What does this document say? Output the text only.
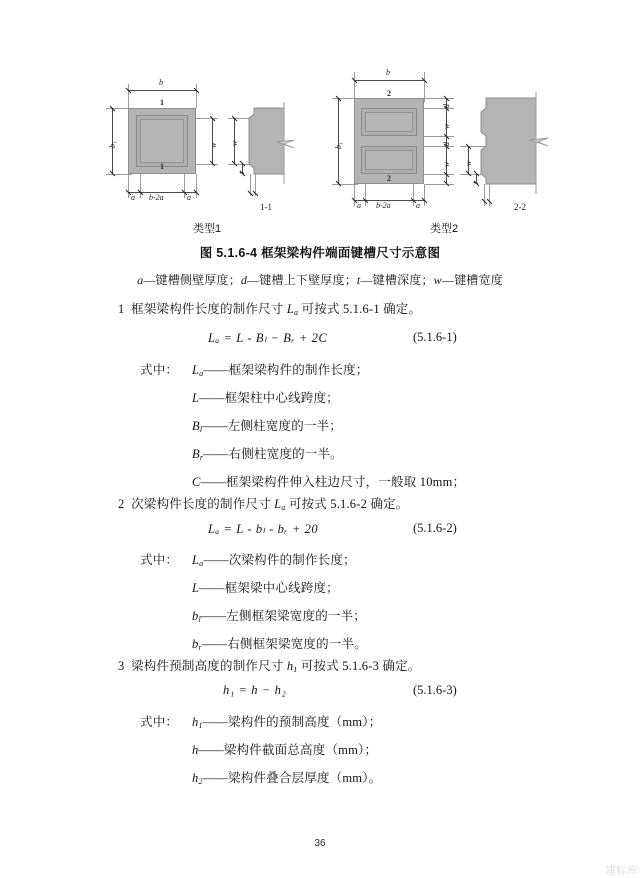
b
b₁
1
1
w
a b-2a	a
w
t
1-1
b
b₁
2
2
d
w
d
w
a b-2a	a
w
t
2-2
类型1	类型2
图 5.1.6-4 框架梁构件端面键槽尺寸示意图
a—键槽侧壁厚度；d—键槽上下壁厚度；t—键槽深度；w—键槽宽度
1 框架梁构件长度的制作尺寸 $L_a$ 可按式 5.1.6-1 确定。
Lₐ = L - Bₗ − Bᵣ + 2C	(5.1.6-1)
式中： $L_a——$框架梁构件的制作长度；
L——框架柱中心线跨度；
$B_l——$左侧柱宽度的一半；
$B_r——$右侧柱宽度的一半。
C——框架梁构件伸入柱边尺寸，一般取 10mm；
2 次梁构件长度的制作尺寸 $L_a$ 可按式 5.1.6-2 确定。
Lₐ = L - bₗ - bᵣ + 20	(5.1.6-2)
式中： $L_a——$次梁构件的制作长度；
L——框架梁中心线跨度；
$b_l——$左侧框架梁宽度的一半；
$b_r——$右侧框架梁宽度的一半。
3 梁构件预制高度的制作尺寸 $h_1$ 可按式 5.1.6-3 确定。
h₁ = h − h₂	(5.1.6-3)
式中： $h_1——$梁构件的预制高度（mm）；
h——梁构件截面总高度（mm）；
$h_2——$梁构件叠合层厚度（mm）。
36
建标库
